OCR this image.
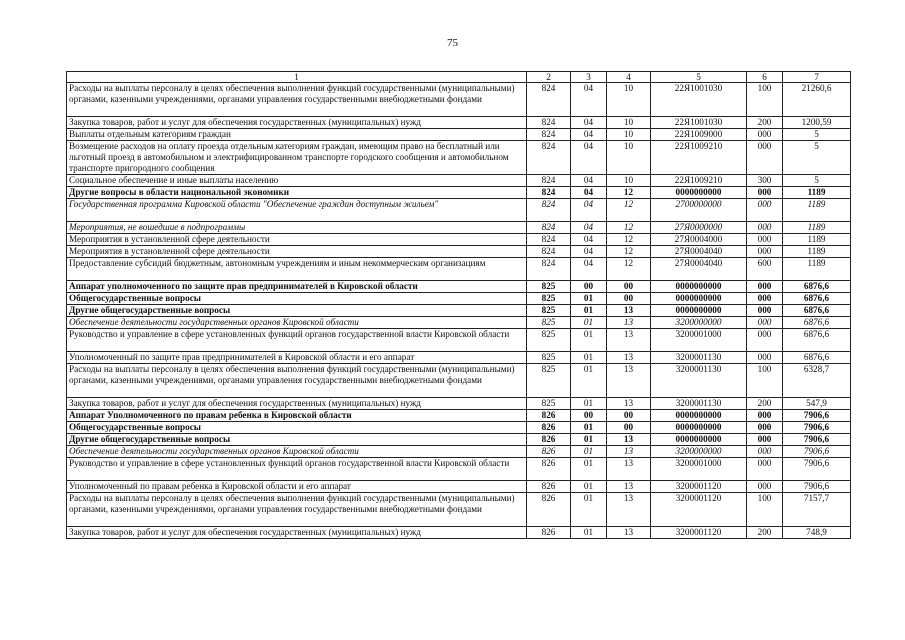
75
1	2	3	4	5	6	7
Расходы на выплаты персоналу в целях обеспечения выполнения функций государственными (муниципальными) органами, казенными учреждениями, органами управления государственными внебюджетными фондами	824	04	10	22Я1001030	100	21260,6
Закупка товаров, работ и услуг для обеспечения государственных (муниципальных) нужд	824	04	10	22Я1001030	200	1200,59
Выплаты отдельным категориям граждан	824	04	10	22Я1009000	000	5
Возмещение расходов на оплату проезда отдельным категориям граждан, имеющим право на бесплатный или льготный проезд в автомобильном и электрифицированном транспорте городского сообщения и автомобильном транспорте пригородного сообщения	824	04	10	22Я1009210	000	5
Социальное обеспечение и иные выплаты населению	824	04	10	22Я1009210	300	5
Другие вопросы в области национальной экономики	824	04	12	0000000000	000	1189
Государственная программа Кировской области "Обеспечение граждан доступным жильем"	824	04	12	2700000000	000	1189
Мероприятия, не вошедшие в подпрограммы	824	04	12	27Я0000000	000	1189
Мероприятия в установленной сфере деятельности	824	04	12	27Я0004000	000	1189
Мероприятия в установленной сфере деятельности	824	04	12	27Я0004040	000	1189
Предоставление субсидий бюджетным, автономным учреждениям и иным некоммерческим организациям	824	04	12	27Я0004040	600	1189
Аппарат уполномоченного по защите прав предпринимателей в Кировской области	825	00	00	0000000000	000	6876,6
Общегосударственные вопросы	825	01	00	0000000000	000	6876,6
Другие общегосударственные вопросы	825	01	13	0000000000	000	6876,6
Обеспечение деятельности государственных органов Кировской области	825	01	13	3200000000	000	6876,6
Руководство и управление в сфере установленных функций органов государственной власти Кировской области	825	01	13	3200001000	000	6876,6
Уполномоченный по защите прав предпринимателей в Кировской области и его аппарат	825	01	13	3200001130	000	6876,6
Расходы на выплаты персоналу в целях обеспечения выполнения функций государственными (муниципальными) органами, казенными учреждениями, органами управления государственными внебюджетными фондами	825	01	13	3200001130	100	6328,7
Закупка товаров, работ и услуг для обеспечения государственных (муниципальных) нужд	825	01	13	3200001130	200	547,9
Аппарат Уполномоченного по правам ребенка в Кировской области	826	00	00	0000000000	000	7906,6
Общегосударственные вопросы	826	01	00	0000000000	000	7906,6
Другие общегосударственные вопросы	826	01	13	0000000000	000	7906,6
Обеспечение деятельности государственных органов Кировской области	826	01	13	3200000000	000	7906,6
Руководство и управление в сфере установленных функций органов государственной власти Кировской области	826	01	13	3200001000	000	7906,6
Уполномоченный по правам ребенка в Кировской области и его аппарат	826	01	13	3200001120	000	7906,6
Расходы на выплаты персоналу в целях обеспечения выполнения функций государственными (муниципальными) органами, казенными учреждениями, органами управления государственными внебюджетными фондами	826	01	13	3200001120	100	7157,7
Закупка товаров, работ и услуг для обеспечения государственных (муниципальных) нужд	826	01	13	3200001120	200	748,9
